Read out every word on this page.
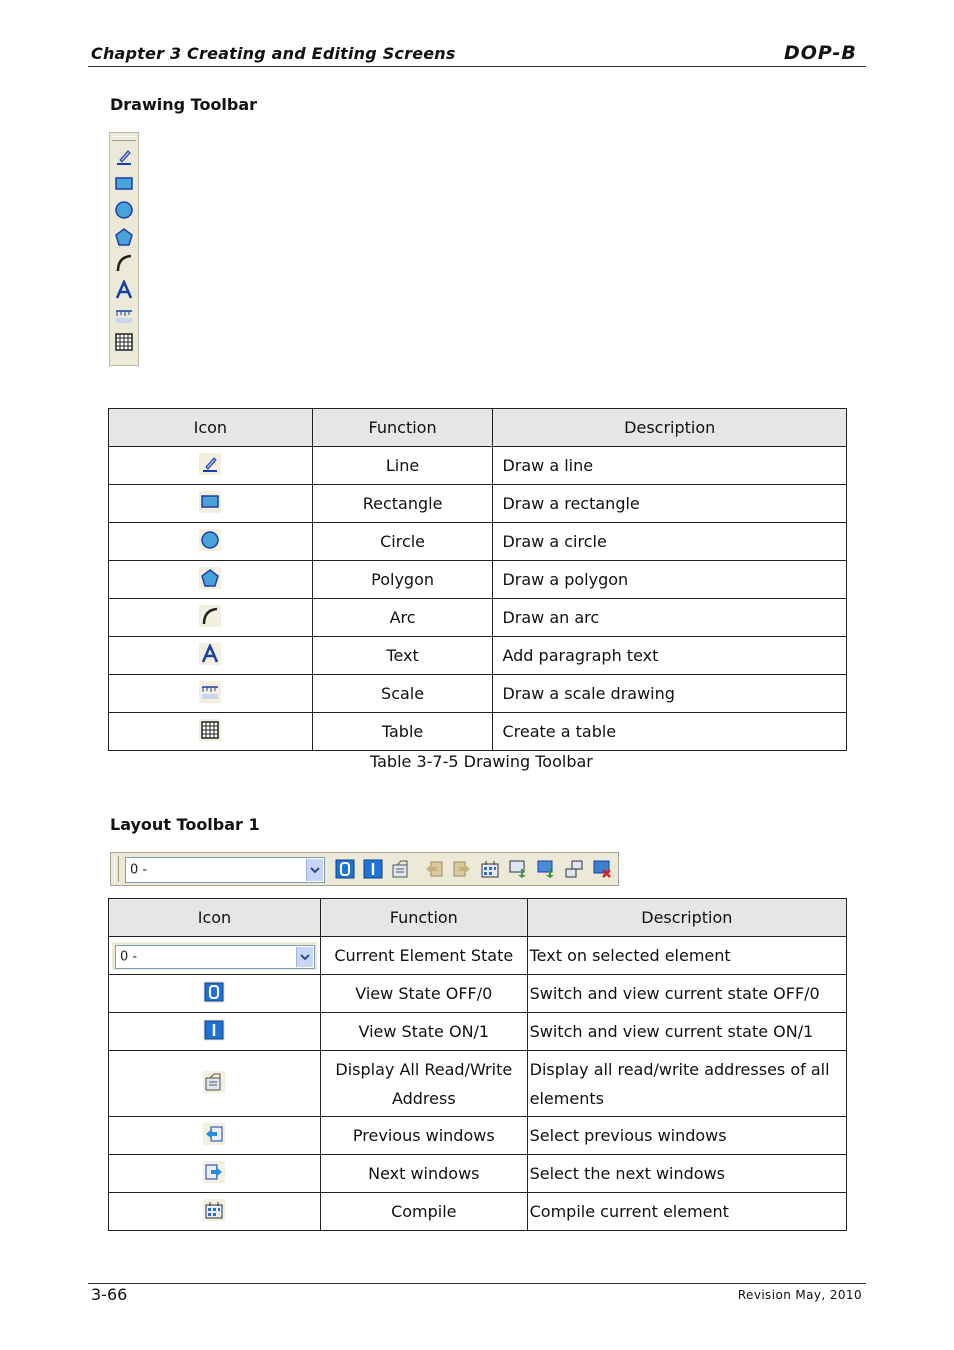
Chapter 3 Creating and Editing Screens	DOP-B
Drawing Toolbar
Icon	Function	Description

	Line	Draw a line

	Rectangle	Draw a rectangle

	Circle	Draw a circle

	Polygon	Draw a polygon

	Arc	Draw an arc

	Text	Add paragraph text

	Scale	Draw a scale drawing

	Table	Create a table
Table 3-7-5 Drawing Toolbar
Layout Toolbar 1
0 -
Icon	Function	Description

0 -	Current Element State	Text on selected element

	View State OFF/0	Switch and view current state OFF/0

	View State ON/1	Switch and view current state ON/1

	Display All Read/Write Address	Display all read/write addresses of all elements

	Previous windows	Select previous windows

	Next windows	Select the next windows

	Compile	Compile current element
3-66	Revision May, 2010
